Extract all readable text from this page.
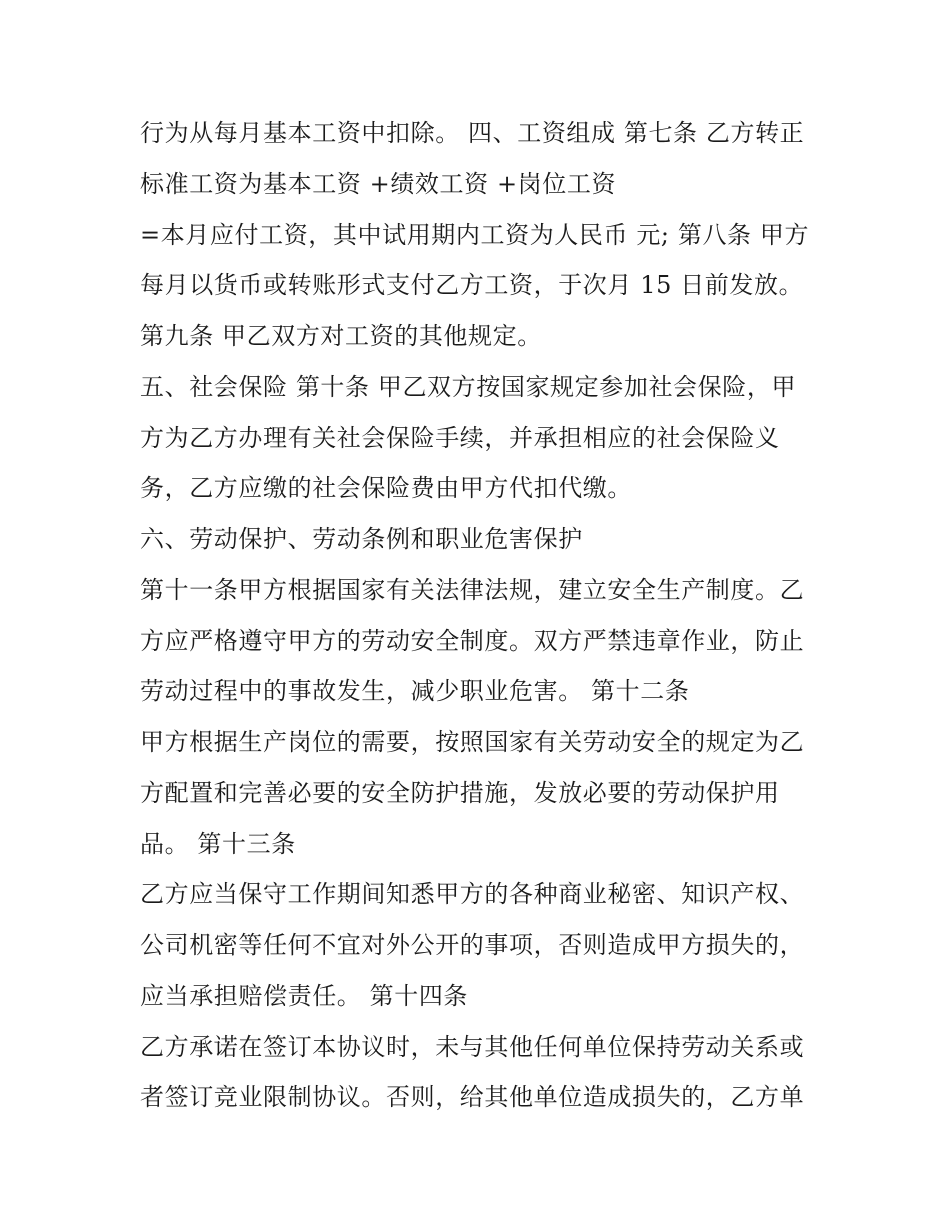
行为从每月基本工资中扣除。 四、工资组成 第七条 乙方转正
标准工资为基本工资 +绩效工资 +岗位工资
=本月应付工资，其中试用期内工资为人民币 元; 第八条 甲方
每月以货币或转账形式支付乙方工资，于次月 15 日前发放。
第九条 甲乙双方对工资的其他规定。
五、社会保险 第十条 甲乙双方按国家规定参加社会保险，甲
方为乙方办理有关社会保险手续，并承担相应的社会保险义
务，乙方应缴的社会保险费由甲方代扣代缴。
六、劳动保护、劳动条例和职业危害保护
第十一条甲方根据国家有关法律法规，建立安全生产制度。乙
方应严格遵守甲方的劳动安全制度。双方严禁违章作业，防止
劳动过程中的事故发生，减少职业危害。 第十二条
甲方根据生产岗位的需要，按照国家有关劳动安全的规定为乙
方配置和完善必要的安全防护措施，发放必要的劳动保护用
品。 第十三条
乙方应当保守工作期间知悉甲方的各种商业秘密、知识产权、
公司机密等任何不宜对外公开的事项，否则造成甲方损失的，
应当承担赔偿责任。 第十四条
乙方承诺在签订本协议时，未与其他任何单位保持劳动关系或
者签订竞业限制协议。否则，给其他单位造成损失的，乙方单
